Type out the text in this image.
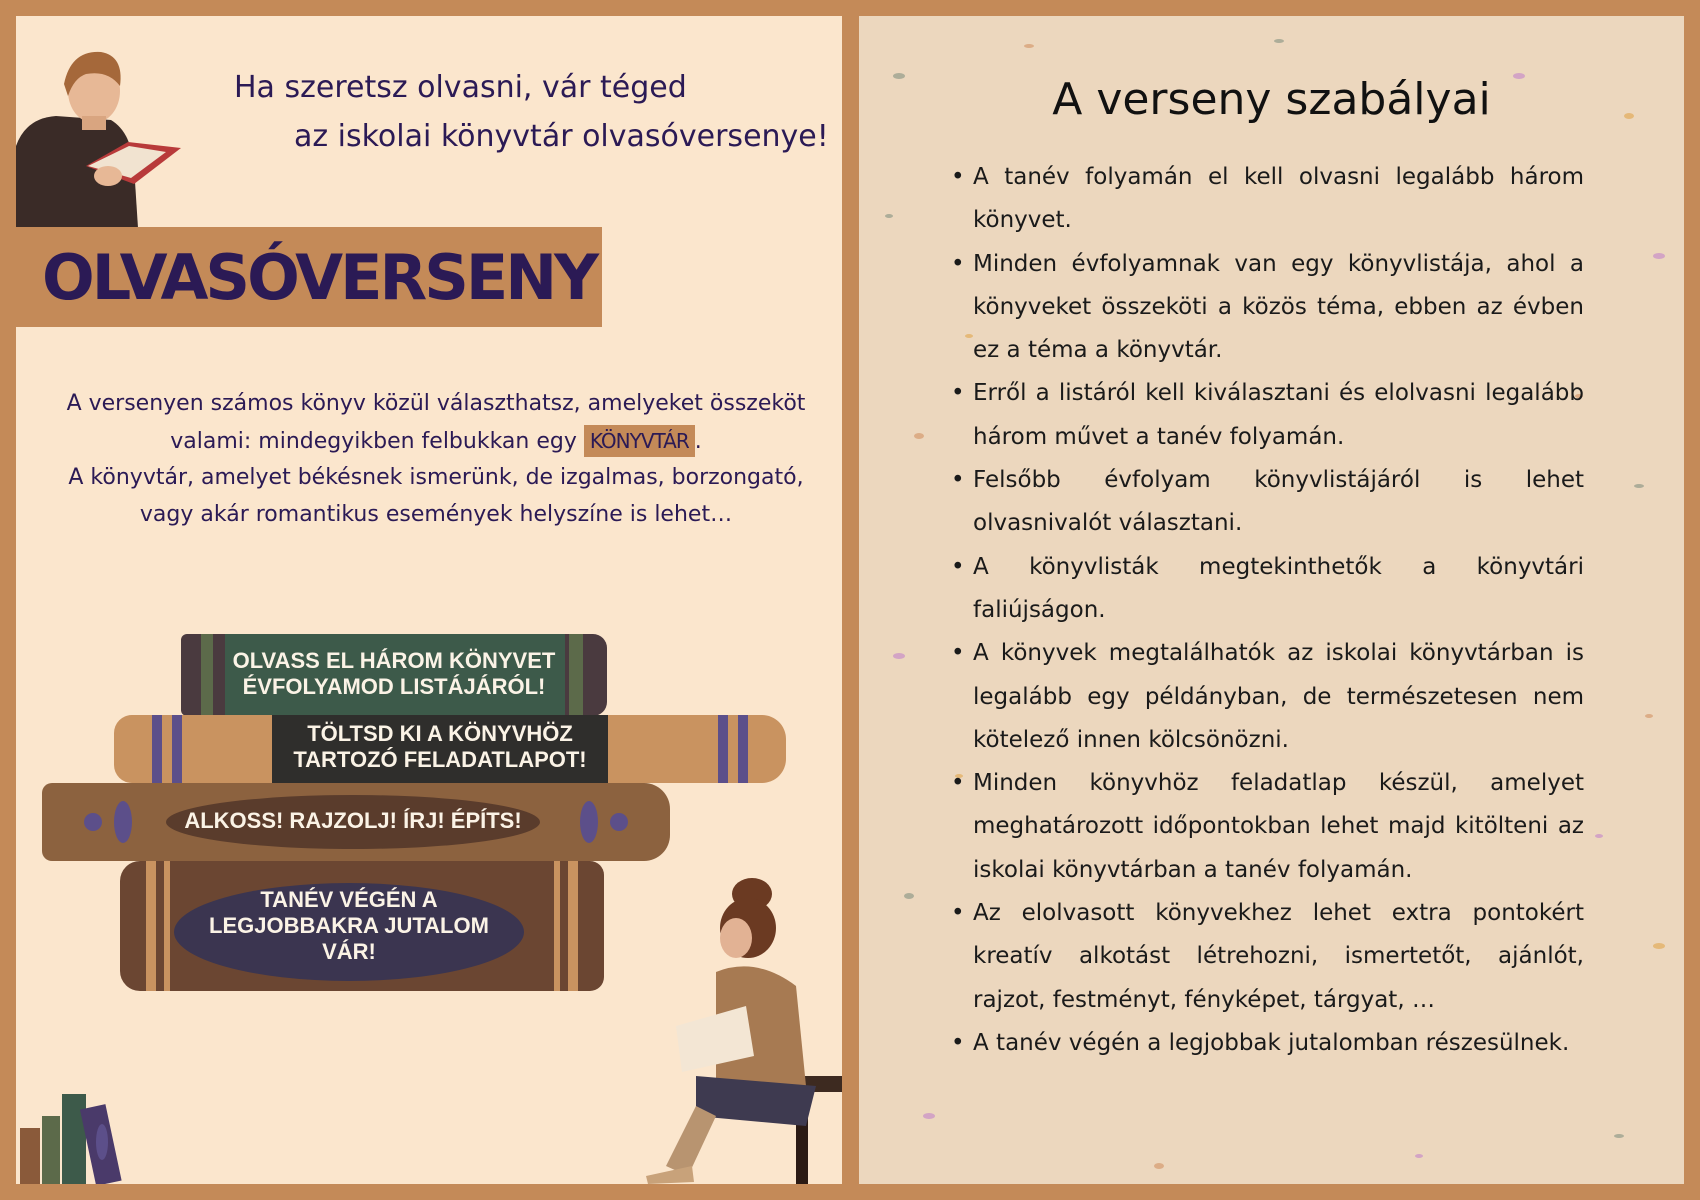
Ha szeretsz olvasni, vár téged
az iskolai könyvtár olvasóversenye!
OLVASÓVERSENY
A versenyen számos könyv közül választhatsz, amelyeket összeköt valami: mindegyikben felbukkan egy KÖNYVTÁR .
A könyvtár, amelyet békésnek ismerünk, de izgalmas, borzongató, vagy akár romantikus események helyszíne is lehet…
OLVASS EL HÁROM KÖNYVET
ÉVFOLYAMOD LISTÁJÁRÓL!
TÖLTSD KI A KÖNYVHÖZ
TARTOZÓ FELADATLAPOT!
ALKOSS! RAJZOLJ! ÍRJ! ÉPÍTS!
TANÉV VÉGÉN A
LEGJOBBAKRA JUTALOM
VÁR!
A verseny szabályai
• A tanév folyamán el kell olvasni legalább három könyvet.
• Minden évfolyamnak van egy könyvlistája, ahol a könyveket összeköti a közös téma, ebben az évben ez a téma a könyvtár.
• Erről a listáról kell kiválasztani és elolvasni legalább három művet a tanév folyamán.
• Felsőbb évfolyam könyvlistájáról is lehet olvasnivalót választani.
• A könyvlisták megtekinthetők a könyvtári faliújságon.
• A könyvek megtalálhatók az iskolai könyvtárban is legalább egy példányban, de természetesen nem kötelező innen kölcsönözni.
• Minden könyvhöz feladatlap készül, amelyet meghatározott időpontokban lehet majd kitölteni az iskolai könyvtárban a tanév folyamán.
• Az elolvasott könyvekhez lehet extra pontokért kreatív alkotást létrehozni, ismertetőt, ajánlót, rajzot, festményt, fényképet, tárgyat, …
• A tanév végén a legjobbak jutalomban részesülnek.
